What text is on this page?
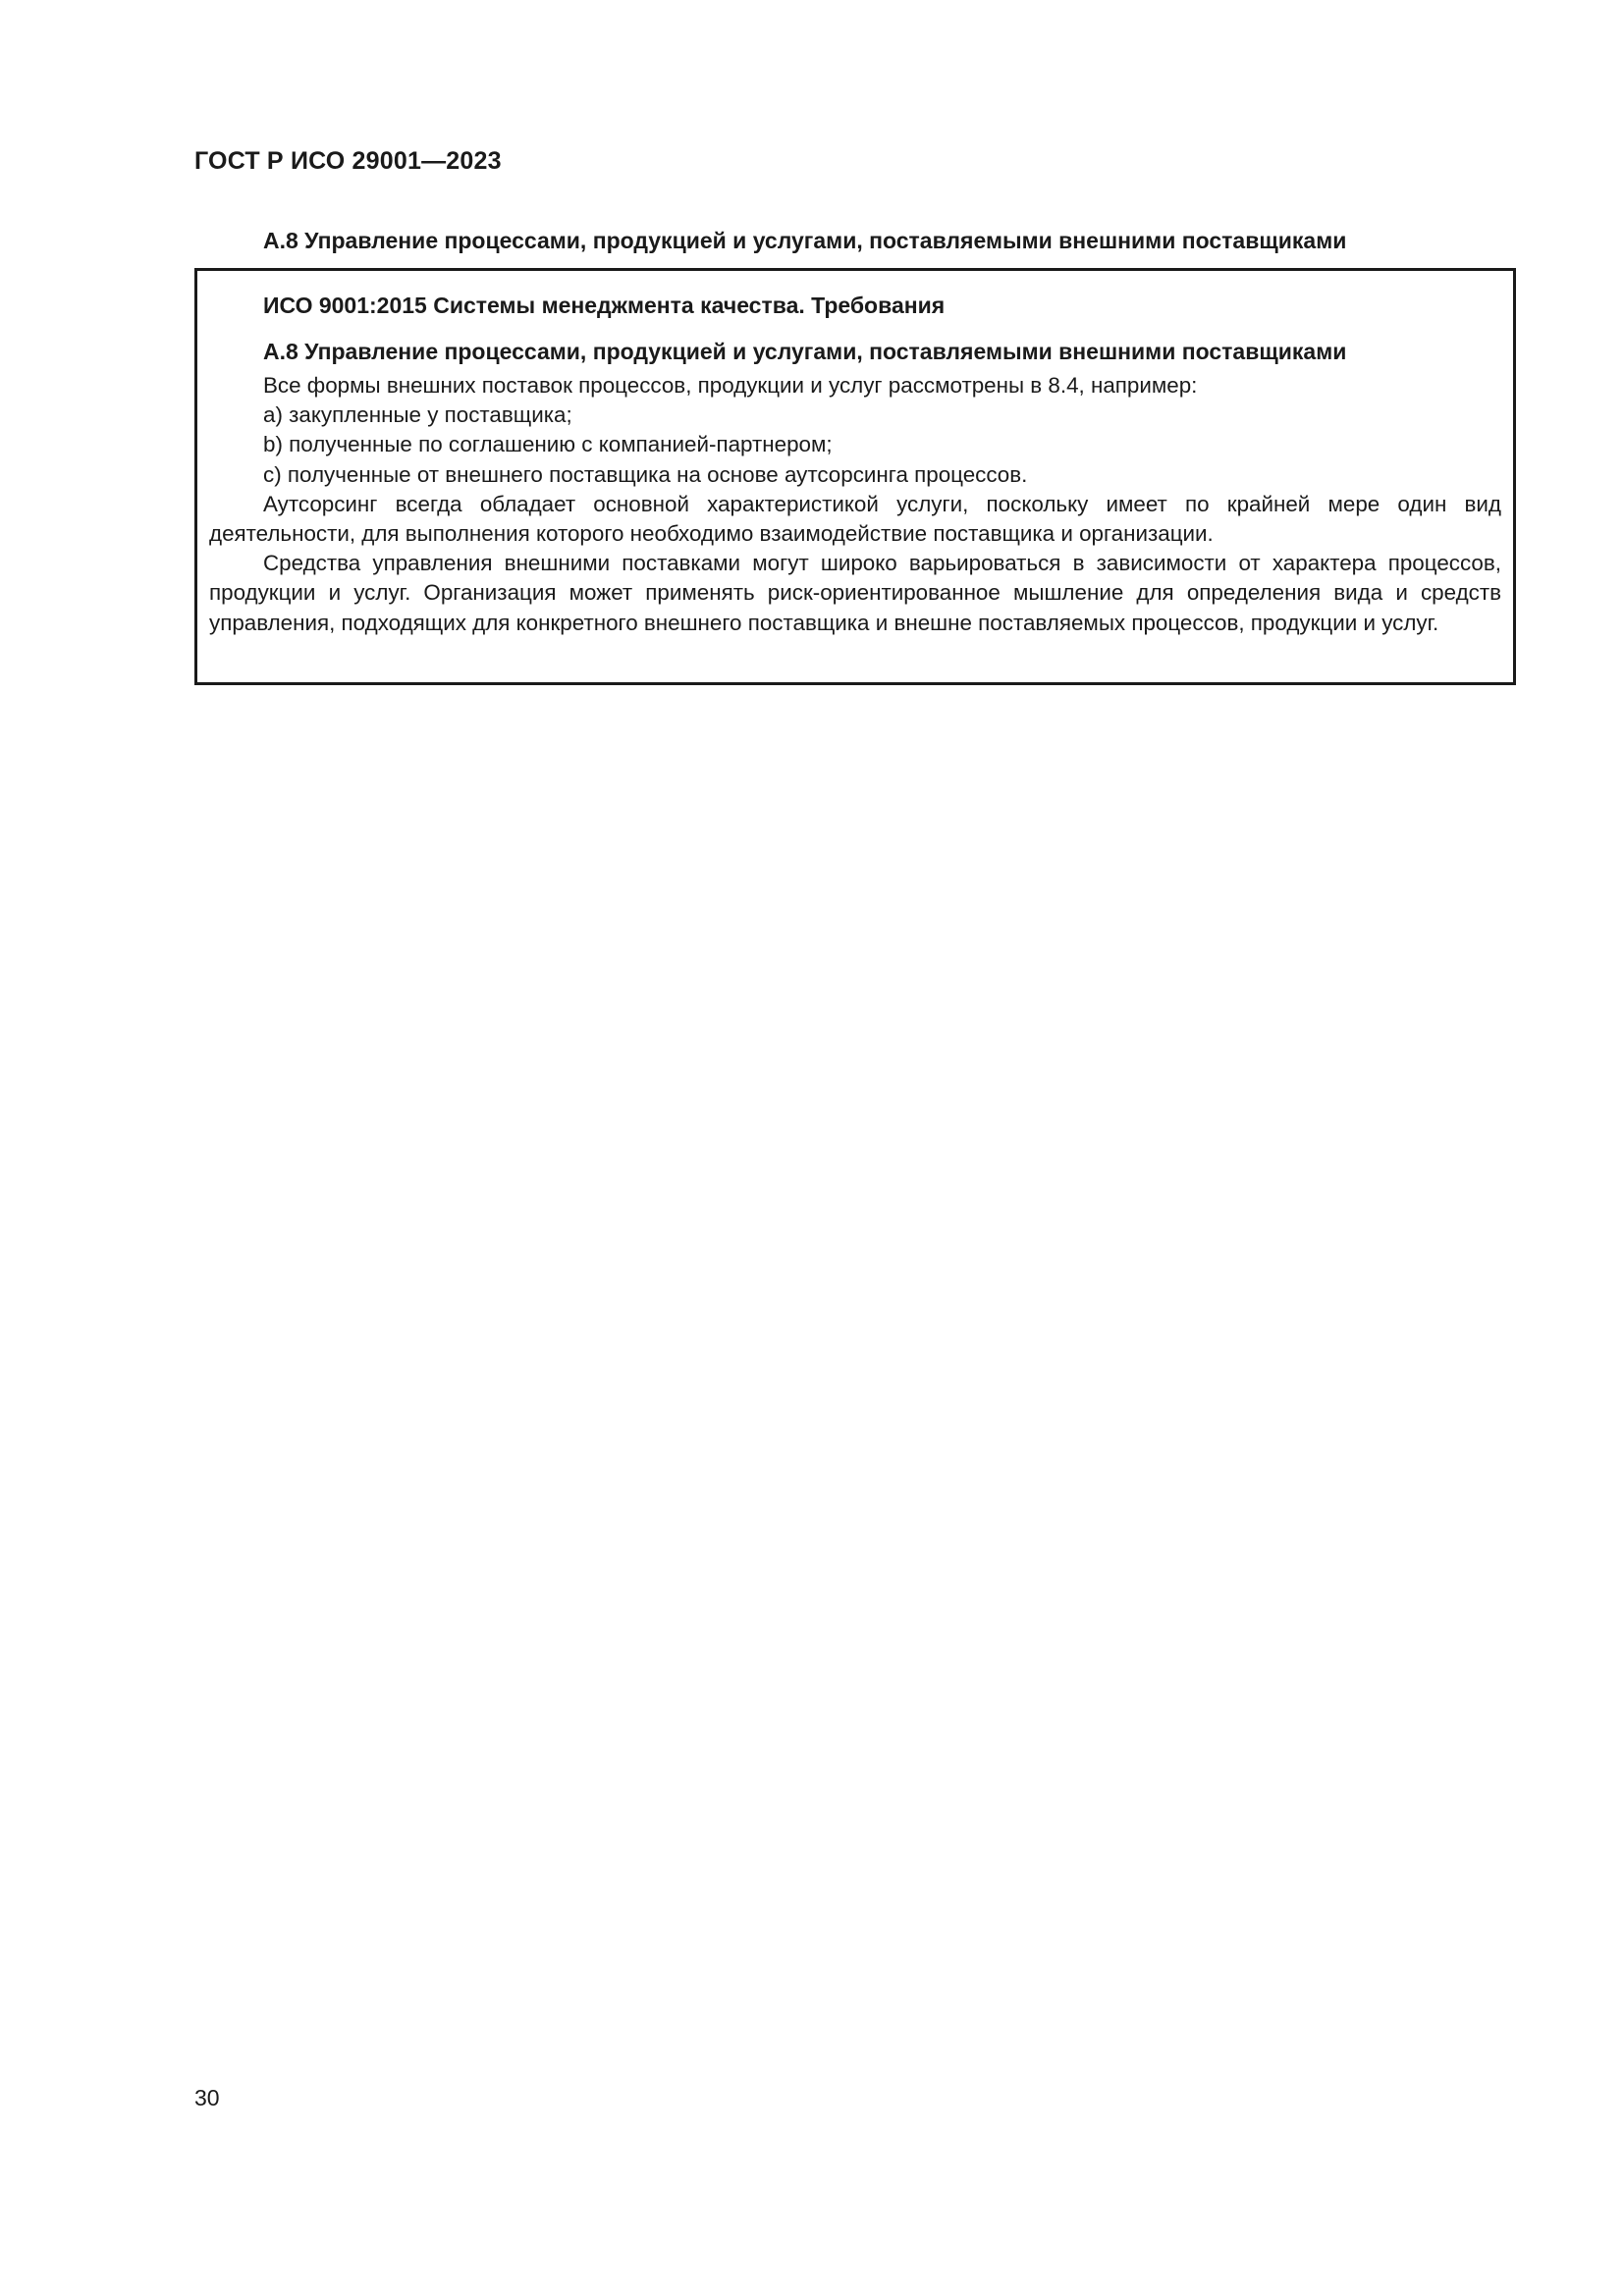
ГОСТ Р ИСО 29001—2023
A.8 Управление процессами, продукцией и услугами, поставляемыми внешними поставщиками
ИСО 9001:2015 Системы менеджмента качества. Требования
A.8 Управление процессами, продукцией и услугами, поставляемыми внешними поставщиками

Все формы внешних поставок процессов, продукции и услуг рассмотрены в 8.4, например:

a) закупленные у поставщика;

b) полученные по соглашению с компанией-партнером;

c) полученные от внешнего поставщика на основе аутсорсинга процессов.

Аутсорсинг всегда обладает основной характеристикой услуги, поскольку имеет по крайней мере один вид деятельности, для выполнения которого необходимо взаимодействие поставщика и организации.

Средства управления внешними поставками могут широко варьироваться в зависимости от характера процессов, продукции и услуг. Организация может применять риск-ориентированное мышление для определения вида и средств управления, подходящих для конкретного внешнего поставщика и внешне поставляемых процессов, продукции и услуг.

30
